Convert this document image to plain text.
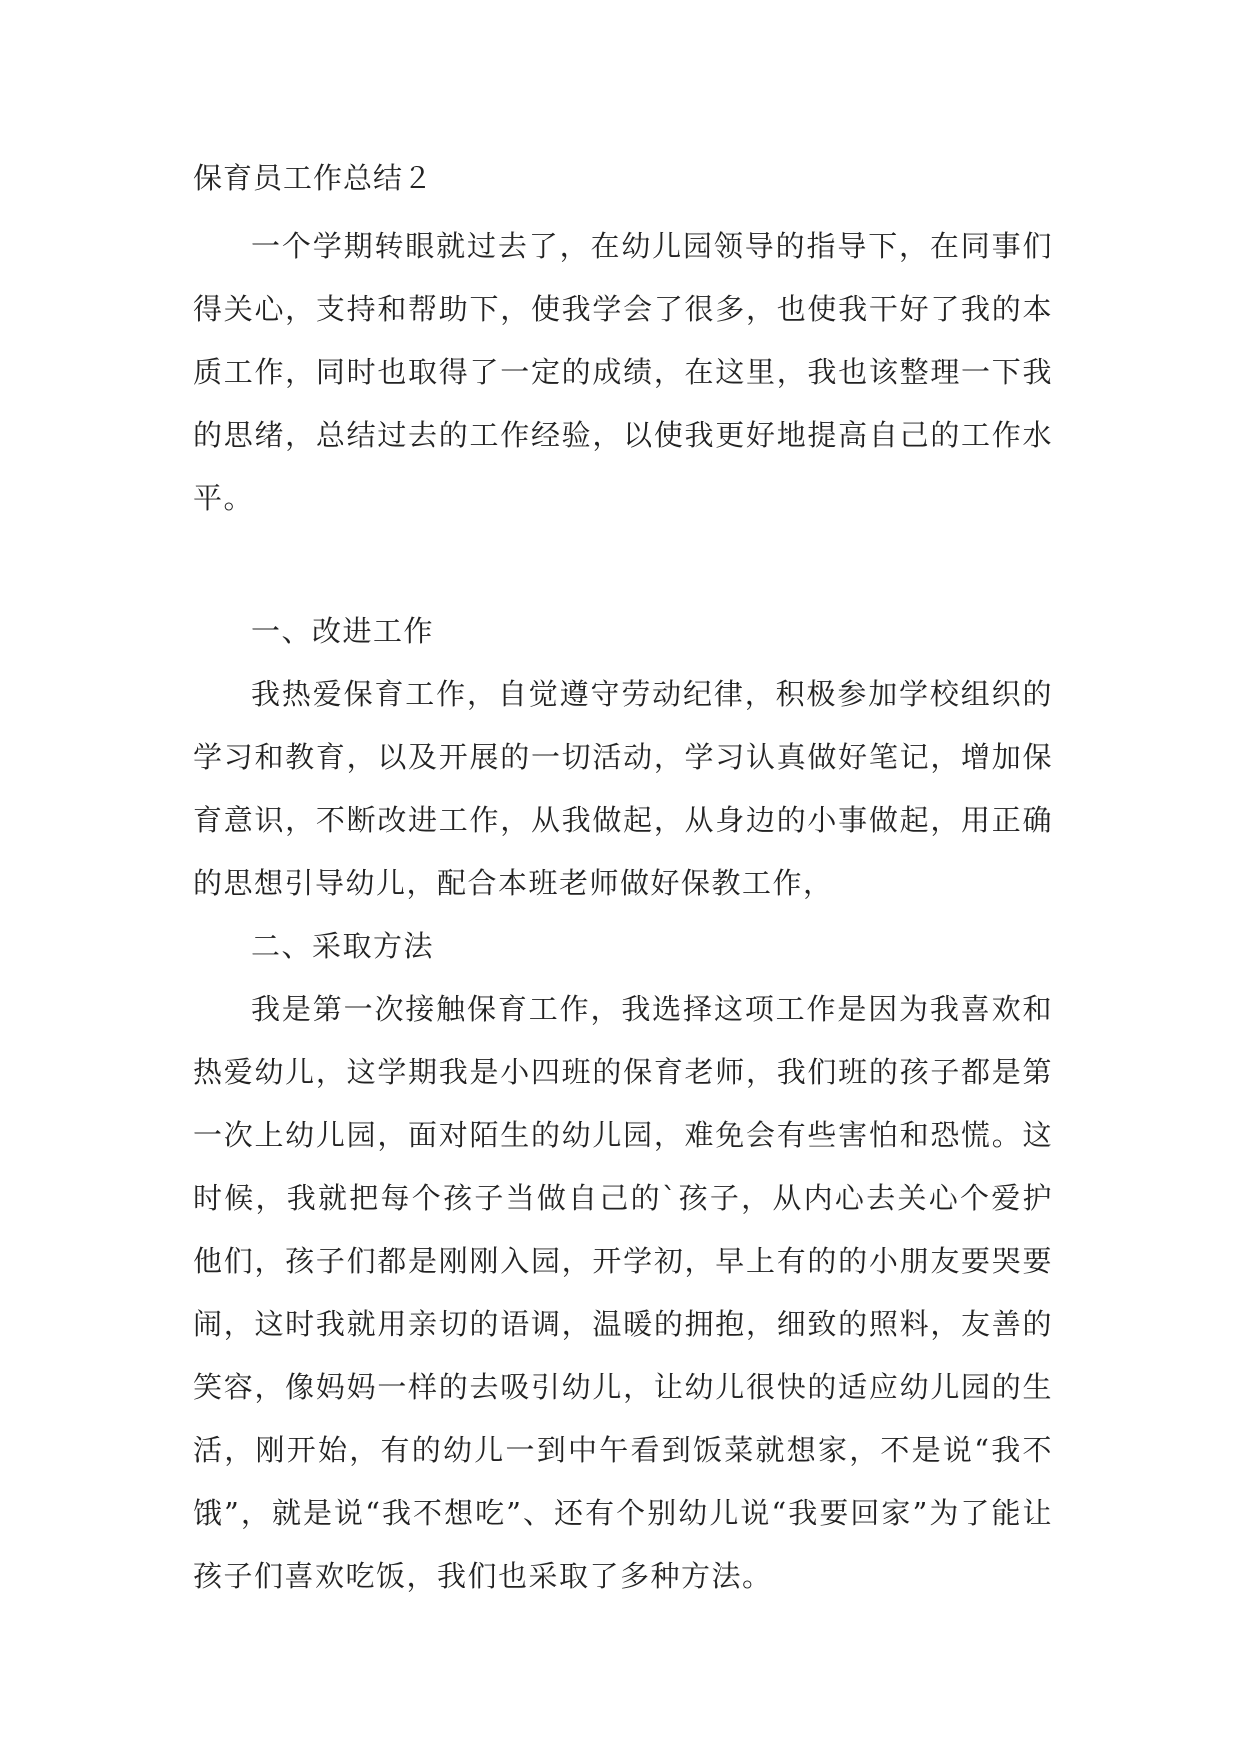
保育员工作总结２

一个学期转眼就过去了，在幼儿园领导的指导下，在同事们得关心，支持和帮助下，使我学会了很多，也使我干好了我的本质工作，同时也取得了一定的成绩，在这里，我也该整理一下我的思绪，总结过去的工作经验，以使我更好地提高自己的工作水平。

一、改进工作

我热爱保育工作，自觉遵守劳动纪律，积极参加学校组织的学习和教育，以及开展的一切活动，学习认真做好笔记，增加保育意识，不断改进工作，从我做起，从身边的小事做起，用正确的思想引导幼儿，配合本班老师做好保教工作，

二、采取方法

我是第一次接触保育工作，我选择这项工作是因为我喜欢和热爱幼儿，这学期我是小四班的保育老师，我们班的孩子都是第一次上幼儿园，面对陌生的幼儿园，难免会有些害怕和恐慌。这时候，我就把每个孩子当做自己的`孩子，从内心去关心个爱护他们，孩子们都是刚刚入园，开学初，早上有的的小朋友要哭要闹，这时我就用亲切的语调，温暖的拥抱，细致的照料，友善的笑容，像妈妈一样的去吸引幼儿，让幼儿很快的适应幼儿园的生活，刚开始，有的幼儿一到中午看到饭菜就想家，不是说“我不饿”，就是说“我不想吃”、还有个别幼儿说“我要回家”为了能让孩子们喜欢吃饭，我们也采取了多种方法。
